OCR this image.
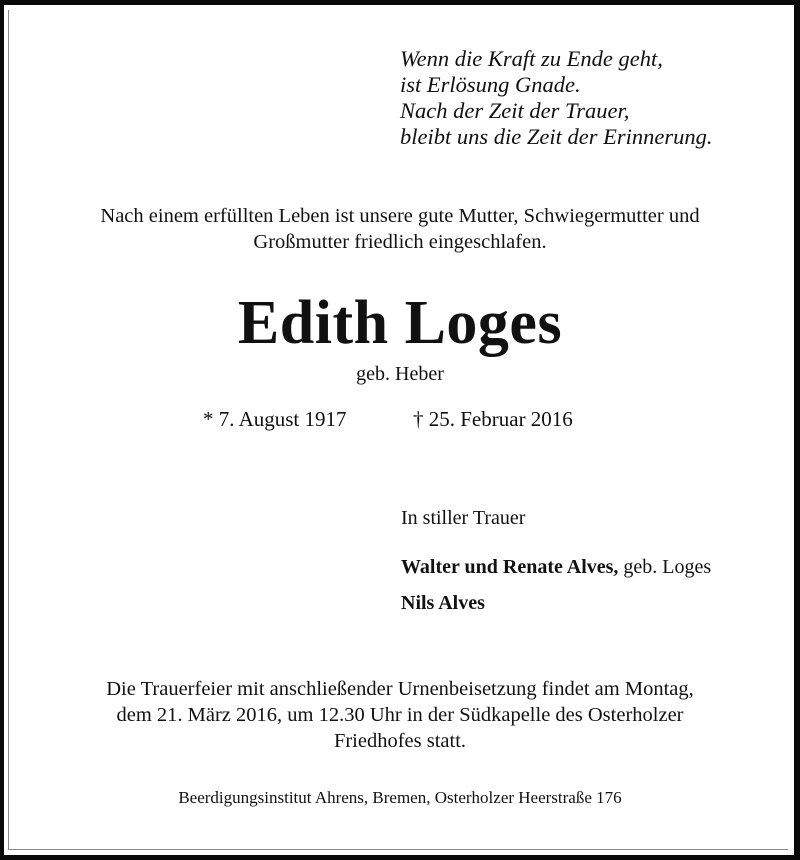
Wenn die Kraft zu Ende geht,
ist Erlösung Gnade.
Nach der Zeit der Trauer,
bleibt uns die Zeit der Erinnerung.
Nach einem erfüllten Leben ist unsere gute Mutter, Schwiegermutter und
Großmutter friedlich eingeschlafen.
Edith Loges
geb. Heber
* 7. August 1917	† 25. Februar 2016
In stiller Trauer
Walter und Renate Alves, geb. Loges
Nils Alves
Die Trauerfeier mit anschließender Urnenbeisetzung findet am Montag,
dem 21. März 2016, um 12.30 Uhr in der Südkapelle des Osterholzer
Friedhofes statt.
Beerdigungsinstitut Ahrens, Bremen, Osterholzer Heerstraße 176
